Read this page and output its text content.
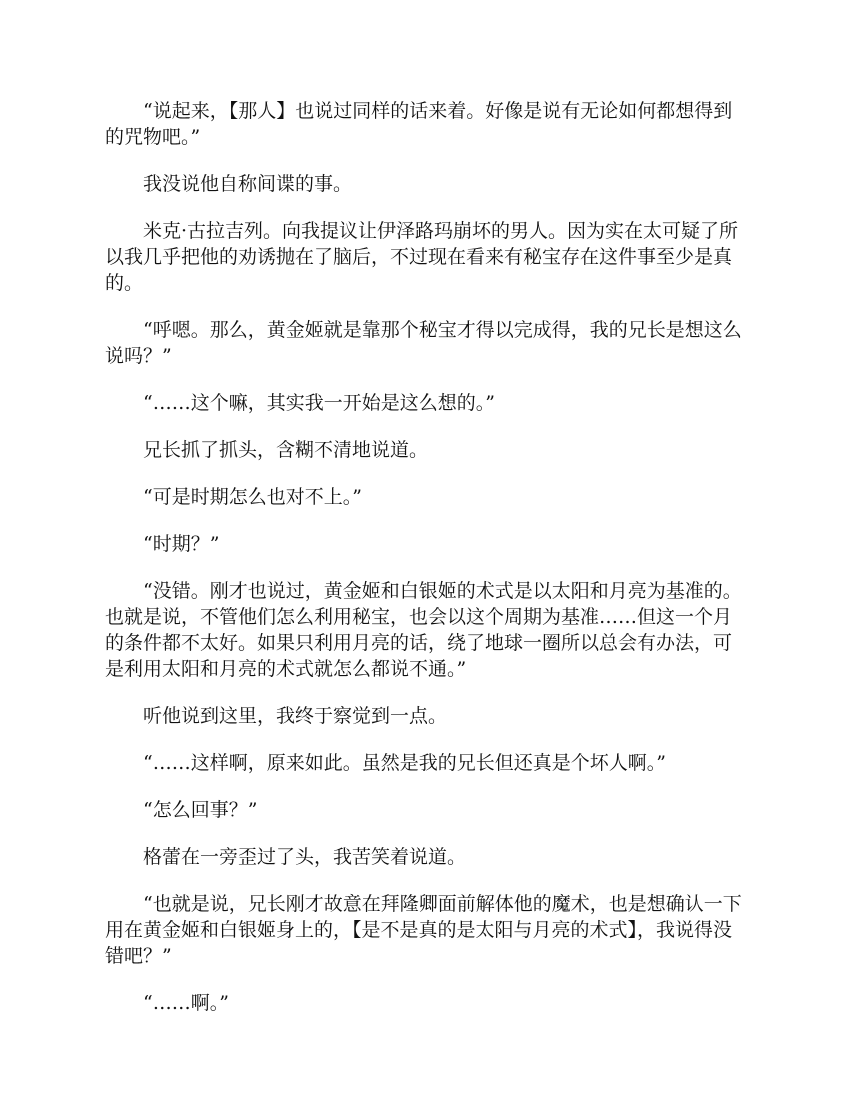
“说起来，【那人】也说过同样的话来着。好像是说有无论如何都想得到的咒物吧。”

我没说他自称间谍的事。

米克·古拉吉列。向我提议让伊泽路玛崩坏的男人。因为实在太可疑了所以我几乎把他的劝诱抛在了脑后，不过现在看来有秘宝存在这件事至少是真的。

“呼嗯。那么，黄金姬就是靠那个秘宝才得以完成得，我的兄长是想这么说吗？”

“……这个嘛，其实我一开始是这么想的。”

兄长抓了抓头，含糊不清地说道。

“可是时期怎么也对不上。”

“时期？”

“没错。刚才也说过，黄金姬和白银姬的术式是以太阳和月亮为基准的。也就是说，不管他们怎么利用秘宝，也会以这个周期为基准……但这一个月的条件都不太好。如果只利用月亮的话，绕了地球一圈所以总会有办法，可是利用太阳和月亮的术式就怎么都说不通。”

听他说到这里，我终于察觉到一点。

“……这样啊，原来如此。虽然是我的兄长但还真是个坏人啊。”

“怎么回事？”

格蕾在一旁歪过了头，我苦笑着说道。

“也就是说，兄长刚才故意在拜隆卿面前解体他的魔术，也是想确认一下用在黄金姬和白银姬身上的，【是不是真的是太阳与月亮的术式】，我说得没错吧？”

“……啊。”
